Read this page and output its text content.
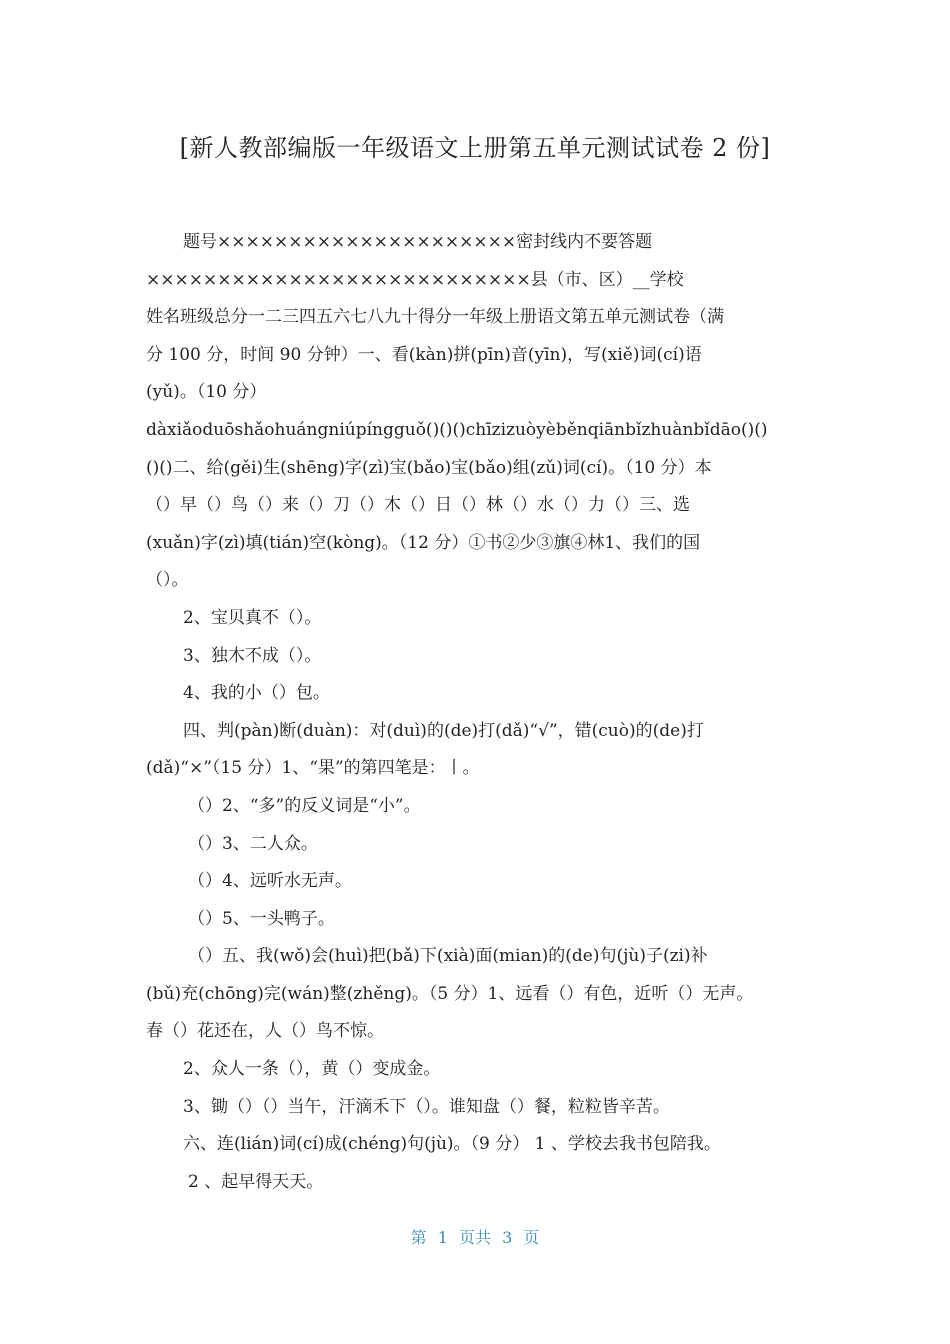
[新人教部编版一年级语文上册第五单元测试试卷 2 份]

题号×××××××××××××××××××××密封线内不要答题

×××××××××××××××××××××××××××县（市、区）__学校

姓名班级总分一二三四五六七八九十得分一年级上册语文第五单元测试卷（满

分 100 分，时间 90 分钟）一、看(kàn)拼(pīn)音(yīn)，写(xiě)词(cí)语

(yǔ)。（10 分）

dàxiǎoduōshǎohuángniúpíngguǒ()()()chīzizuòyèběnqiānbǐzhuànbǐdāo()()

()()二、给(gěi)生(shēng)字(zì)宝(bǎo)宝(bǎo)组(zǔ)词(cí)。（10 分）本

（）早（）鸟（）来（）刀（）木（）日（）林（）水（）力（）三、选

(xuǎn)字(zì)填(tián)空(kòng)。（12 分）①书②少③旗④林1、我们的国

（）。

2、宝贝真不（）。

3、独木不成（）。

4、我的小（）包。

四、判(pàn)断(duàn)：对(duì)的(de)打(dǎ)“√”，错(cuò)的(de)打

(dǎ)“×”（15 分）1、“果”的第四笔是：丨。

（）2、“多”的反义词是“小”。

（）3、二人众。

（）4、远听水无声。

（）5、一头鸭子。

（）五、我(wǒ)会(huì)把(bǎ)下(xià)面(mian)的(de)句(jù)子(zi)补

(bǔ)充(chōng)完(wán)整(zhěng)。（5 分）1、远看（）有色，近听（）无声。

春（）花还在，人（）鸟不惊。

2、众人一条（），黄（）变成金。

3、锄（）（）当午，汗滴禾下（）。谁知盘（）餐，粒粒皆辛苦。

六、连(lián)词(cí)成(chéng)句(jù)。（9 分） 1 、学校去我书包陪我。

2 、起早得天天。

第 1 页共 3 页
